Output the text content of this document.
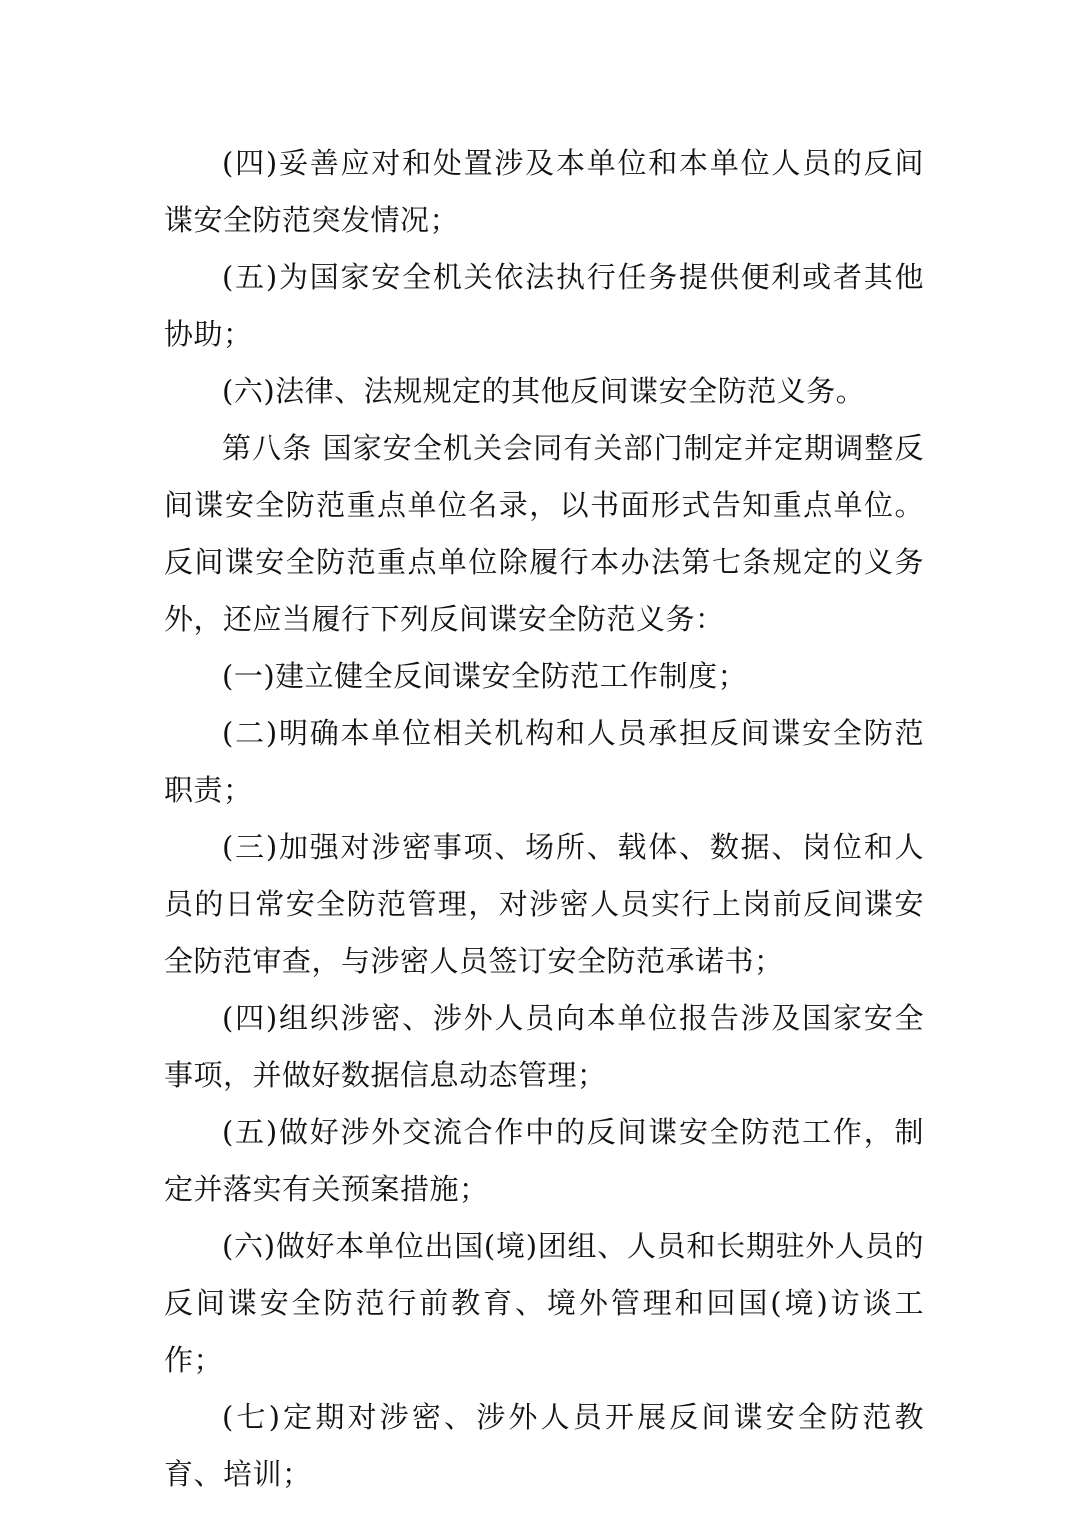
(四)妥善应对和处置涉及本单位和本单位人员的反间谍安全防范突发情况；

(五)为国家安全机关依法执行任务提供便利或者其他协助；

(六)法律、法规规定的其他反间谍安全防范义务。

第八条 国家安全机关会同有关部门制定并定期调整反间谍安全防范重点单位名录，以书面形式告知重点单位。反间谍安全防范重点单位除履行本办法第七条规定的义务外，还应当履行下列反间谍安全防范义务：

(一)建立健全反间谍安全防范工作制度；

(二)明确本单位相关机构和人员承担反间谍安全防范职责；

(三)加强对涉密事项、场所、载体、数据、岗位和人员的日常安全防范管理，对涉密人员实行上岗前反间谍安全防范审查，与涉密人员签订安全防范承诺书；

(四)组织涉密、涉外人员向本单位报告涉及国家安全事项，并做好数据信息动态管理；

(五)做好涉外交流合作中的反间谍安全防范工作，制定并落实有关预案措施；

(六)做好本单位出国(境)团组、人员和长期驻外人员的反间谍安全防范行前教育、境外管理和回国(境)访谈工作；

(七)定期对涉密、涉外人员开展反间谍安全防范教育、培训；
